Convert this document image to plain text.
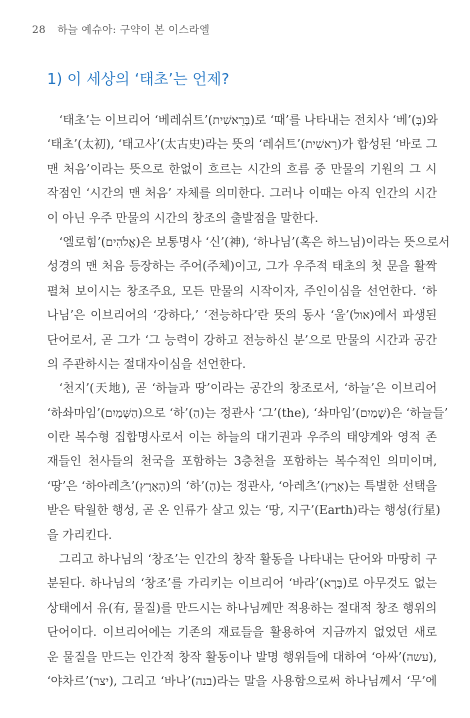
28 하늘 예슈아: 구약이 본 이스라엘
1) 이 세상의 ‘태초’는 언제?
‘태초’는 이브리어 ‘베레쉬트’(בְּרֵאשִׁית)로 ‘때’를 나타내는 전치사 ‘베’(בְּ)와
‘태초’(太初), ‘태고사’(太古史)라는 뜻의 ‘레쉬트’(רֵאשִׁית)가 합성된 ‘바로 그
맨 처음’이라는 뜻으로 한없이 흐르는 시간의 흐름 중 만물의 기원의 그 시
작점인 ‘시간의 맨 처음’ 자체를 의미한다. 그러나 이때는 아직 인간의 시간
이 아닌 우주 만물의 시간의 창조의 출발점을 말한다.
‘엘로힘’(אֱלֹהִים)은 보통명사 ‘신’(神), ‘하나님’(혹은 하느님)이라는 뜻으로서
성경의 맨 처음 등장하는 주어(주체)이고, 그가 우주적 태초의 첫 문을 활짝
펼쳐 보이시는 창조주요, 모든 만물의 시작이자, 주인이심을 선언한다. ‘하
나님’은 이브리어의 ‘강하다,’ ‘전능하다’란 뜻의 동사 ‘울’(אול)에서 파생된
단어로서, 곧 그가 ‘그 능력이 강하고 전능하신 분’으로 만물의 시간과 공간
의 주관하시는 절대자이심을 선언한다.
‘천지’(天地), 곧 ‘하늘과 땅’이라는 공간의 창조로서, ‘하늘’은 이브리어
‘하솨마임’(הַשָּׁמַיִם)으로 ‘하’(הַ)는 정관사 ‘그’(the), ‘솨마임’(שָׁמַיִם)은 ‘하늘들’
이란 복수형 집합명사로서 이는 하늘의 대기권과 우주의 태양계와 영적 존
재들인 천사들의 천국을 포함하는 3층천을 포함하는 복수적인 의미이며,
‘땅’은 ‘하아레츠’(הָאָרֶץ)의 ‘하’(הָ)는 정관사, ‘아레츠’(אֶרֶץ)는 특별한 선택을
받은 탁월한 행성, 곧 온 인류가 살고 있는 ‘땅, 지구’(Earth)라는 행성(行星)
을 가리킨다.
그리고 하나님의 ‘창조’는 인간의 창작 활동을 나타내는 단어와 마땅히 구
분된다. 하나님의 ‘창조’를 가리키는 이브리어 ‘바라’(בָּרָא)로 아무것도 없는
상태에서 유(有, 물질)를 만드시는 하나님께만 적용하는 절대적 창조 행위의
단어이다. 이브리어에는 기존의 재료들을 활용하여 지금까지 없었던 새로
운 물질을 만드는 인간적 창작 활동이나 발명 행위들에 대하여 ‘아싸’(עשה),
‘야차르’(יצר), 그리고 ‘바나’(בנה)라는 말을 사용함으로써 하나님께서 ‘무’에
